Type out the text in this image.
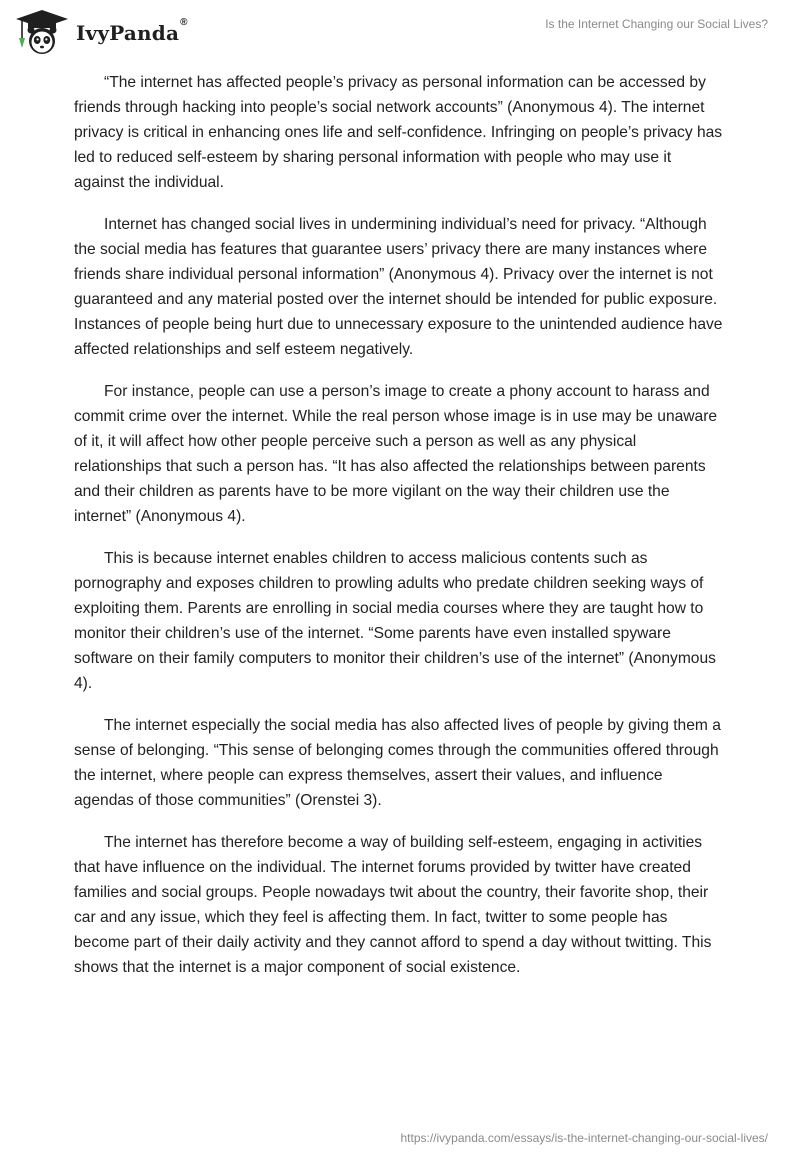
IvyPanda®	Is the Internet Changing our Social Lives?

“The internet has affected people’s privacy as personal information can be accessed by friends through hacking into people’s social network accounts” (Anonymous 4). The internet privacy is critical in enhancing ones life and self-confidence. Infringing on people’s privacy has led to reduced self-esteem by sharing personal information with people who may use it against the individual.

Internet has changed social lives in undermining individual’s need for privacy. “Although the social media has features that guarantee users’ privacy there are many instances where friends share individual personal information” (Anonymous 4). Privacy over the internet is not guaranteed and any material posted over the internet should be intended for public exposure. Instances of people being hurt due to unnecessary exposure to the unintended audience have affected relationships and self esteem negatively.

For instance, people can use a person’s image to create a phony account to harass and commit crime over the internet. While the real person whose image is in use may be unaware of it, it will affect how other people perceive such a person as well as any physical relationships that such a person has. “It has also affected the relationships between parents and their children as parents have to be more vigilant on the way their children use the internet” (Anonymous 4).

This is because internet enables children to access malicious contents such as pornography and exposes children to prowling adults who predate children seeking ways of exploiting them. Parents are enrolling in social media courses where they are taught how to monitor their children’s use of the internet. “Some parents have even installed spyware software on their family computers to monitor their children’s use of the internet” (Anonymous 4).

The internet especially the social media has also affected lives of people by giving them a sense of belonging. “This sense of belonging comes through the communities offered through the internet, where people can express themselves, assert their values, and influence agendas of those communities” (Orenstei 3).

The internet has therefore become a way of building self-esteem, engaging in activities that have influence on the individual. The internet forums provided by twitter have created families and social groups. People nowadays twit about the country, their favorite shop, their car and any issue, which they feel is affecting them. In fact, twitter to some people has become part of their daily activity and they cannot afford to spend a day without twitting. This shows that the internet is a major component of social existence.

https://ivypanda.com/essays/is-the-internet-changing-our-social-lives/
